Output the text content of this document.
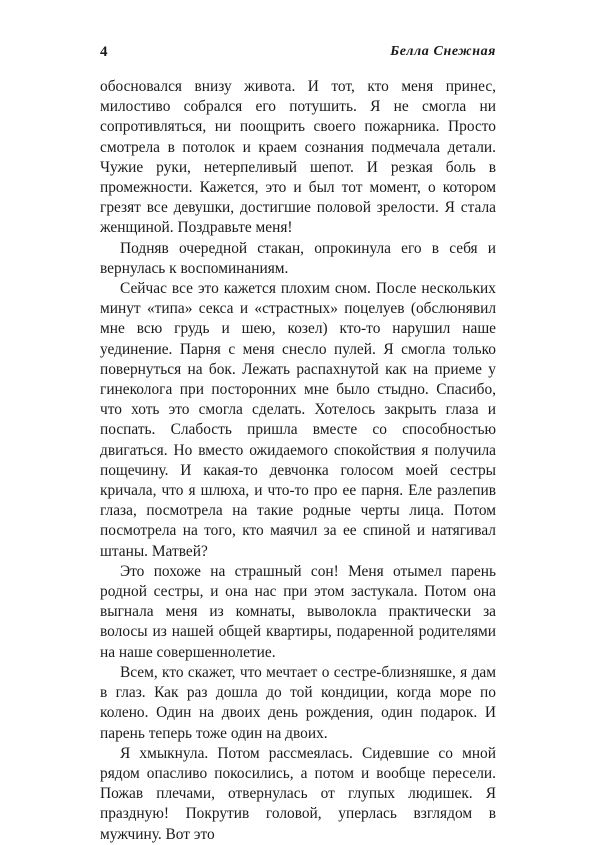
4	Белла Снежная

обосновался внизу живота. И тот, кто меня принес, милостиво собрался его потушить. Я не смогла ни сопротивляться, ни поощрить своего пожарника. Просто смотрела в потолок и краем сознания подмечала детали. Чужие руки, нетерпеливый шепот. И резкая боль в промежности. Кажется, это и был тот момент, о котором грезят все девушки, достигшие половой зрелости. Я стала женщиной. Поздравьте меня!

Подняв очередной стакан, опрокинула его в себя и вернулась к воспоминаниям.

Сейчас все это кажется плохим сном. После нескольких минут «типа» секса и «страстных» поцелуев (обслюнявил мне всю грудь и шею, козел) кто-то нарушил наше уединение. Парня с меня снесло пулей. Я смогла только повернуться на бок. Лежать распахнутой как на приеме у гинеколога при посторонних мне было стыдно. Спасибо, что хоть это смогла сделать. Хотелось закрыть глаза и поспать. Слабость пришла вместе со способностью двигаться. Но вместо ожидаемого спокойствия я получила пощечину. И какая-то девчонка голосом моей сестры кричала, что я шлюха, и что-то про ее парня. Еле разлепив глаза, посмотрела на такие родные черты лица. Потом посмотрела на того, кто маячил за ее спиной и натягивал штаны. Матвей?

Это похоже на страшный сон! Меня отымел парень родной сестры, и она нас при этом застукала. Потом она выгнала меня из комнаты, выволокла практически за волосы из нашей общей квартиры, подаренной родителями на наше совершеннолетие.

Всем, кто скажет, что мечтает о сестре-близняшке, я дам в глаз. Как раз дошла до той кондиции, когда море по колено. Один на двоих день рождения, один подарок. И парень теперь тоже один на двоих.

Я хмыкнула. Потом рассмеялась. Сидевшие со мной рядом опасливо покосились, а потом и вообще пересели. Пожав плечами, отвернулась от глупых людишек. Я праздную! Покрутив головой, уперлась взглядом в мужчину. Вот это
